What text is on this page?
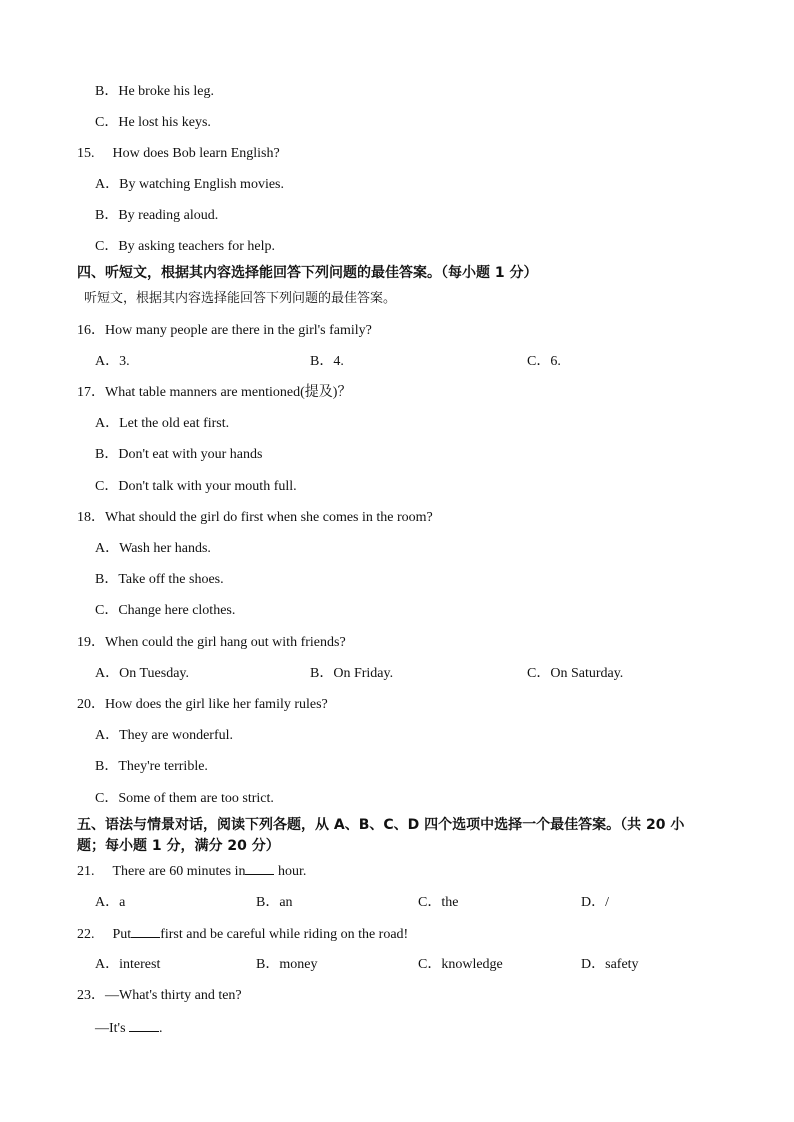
B．He broke his leg.
C．He lost his keys.
15. How does Bob learn English?
A．By watching English movies.
B．By reading aloud.
C．By asking teachers for help.
四、听短文，根据其内容选择能回答下列问题的最佳答案。（每小题 1 分）
听短文，根据其内容选择能回答下列问题的最佳答案。
16．How many people are there in the girl's family?
A．3.	B．4.	C．6.
17．What table manners are mentioned(提及)？
A．Let the old eat first.
B．Don't eat with your hands
C．Don't talk with your mouth full.
18．What should the girl do first when she comes in the room?
A．Wash her hands.
B．Take off the shoes.
C．Change here clothes.
19．When could the girl hang out with friends?
A．On Tuesday.	B．On Friday.	C．On Saturday.
20．How does the girl like her family rules?
A．They are wonderful.
B．They're terrible.
C．Some of them are too strict.
五、语法与情景对话，阅读下列各题，从 A、B、C、D 四个选项中选择一个最佳答案。（共 20 小
题；每小题 1 分，满分 20 分）
21. There are 60 minutes in hour.
A．a	B．an	C．the	D．/
22. Put first and be careful while riding on the road!
A．interest	B．money	C．knowledge	D．safety
23．—What's thirty and ten?
—It's .
